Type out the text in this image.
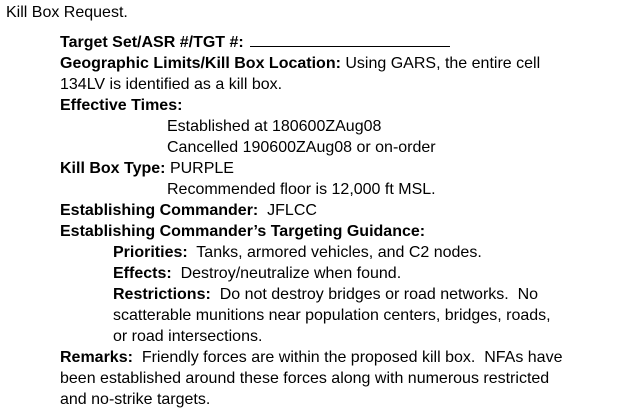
Kill Box Request.
Target Set/ASR #/TGT #:
Geographic Limits/Kill Box Location: Using GARS, the entire cell
134LV is identified as a kill box.
Effective Times:
Established at 180600ZAug08
Cancelled 190600ZAug08 or on-order
Kill Box Type: PURPLE
Recommended floor is 12,000 ft MSL.
Establishing Commander:  JFLCC
Establishing Commander’s Targeting Guidance:
Priorities:  Tanks, armored vehicles, and C2 nodes.
Effects:  Destroy/neutralize when found.
Restrictions:  Do not destroy bridges or road networks.  No
scatterable munitions near population centers, bridges, roads,
or road intersections.
Remarks:  Friendly forces are within the proposed kill box.  NFAs have
been established around these forces along with numerous restricted
and no-strike targets.
